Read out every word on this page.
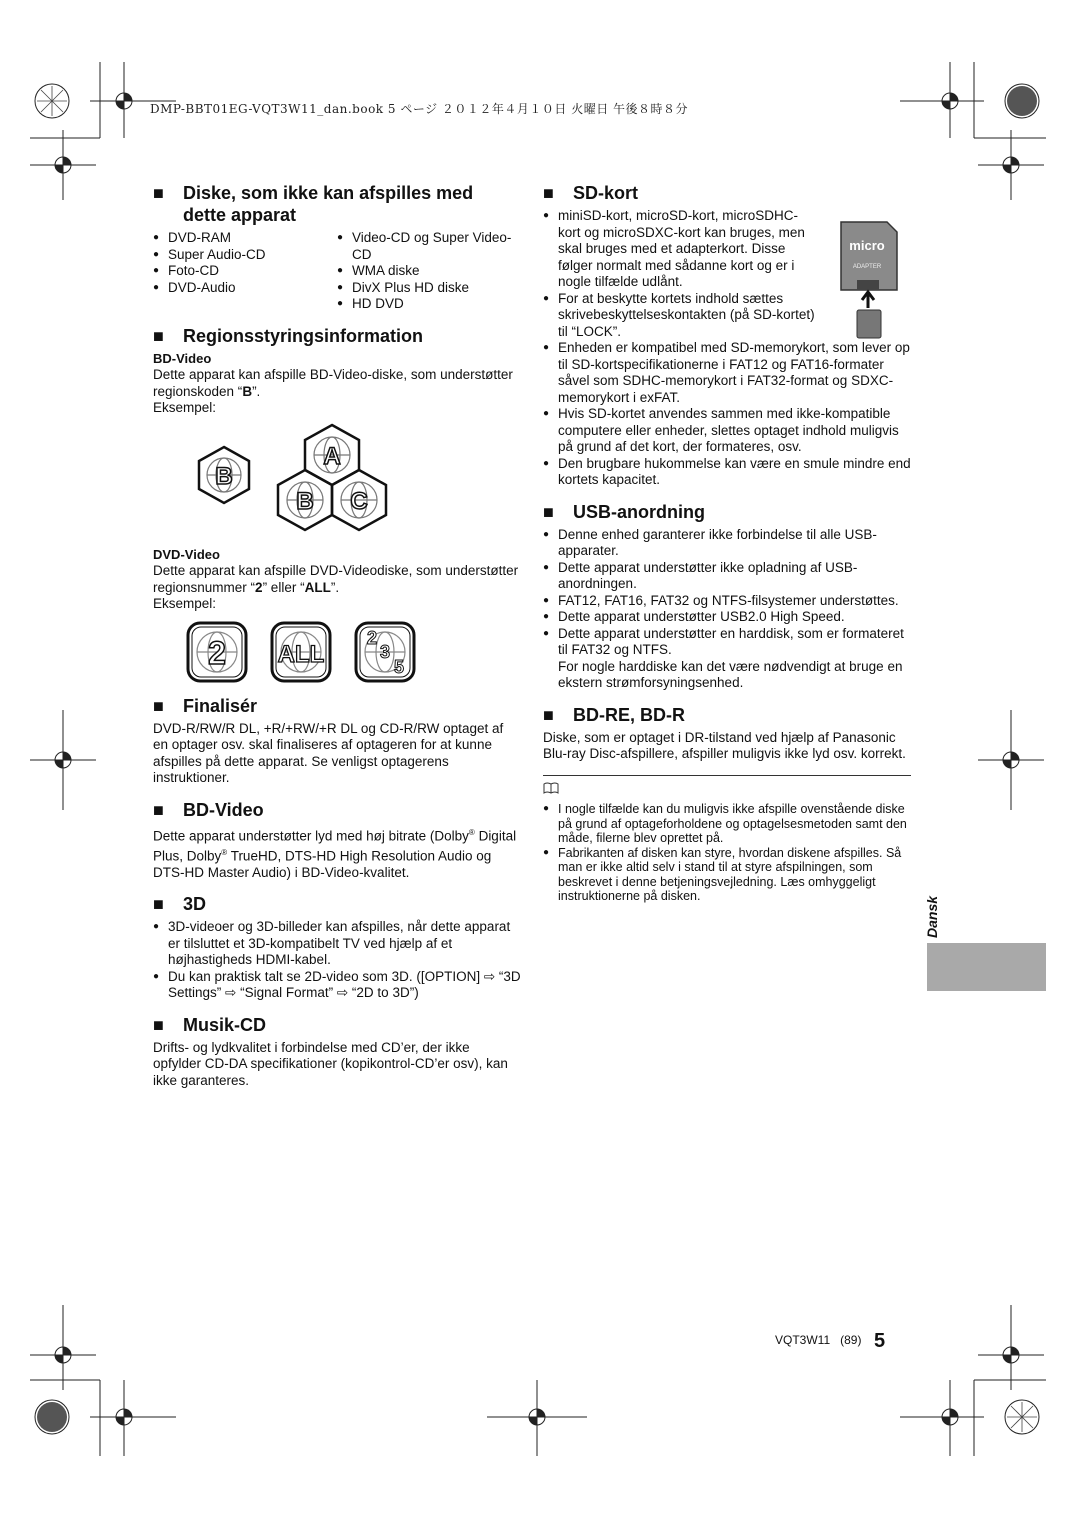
DMP-BBT01EG-VQT3W11_dan.book 5 ページ ２０１２年４月１０日 火曜日 午後８時８分
■	Diske, som ikke kan afspilles med dette apparat
● DVD-RAM
● Super Audio-CD
● Foto-CD
● DVD-Audio
● Video-CD og Super Video-CD
● WMA diske
● DivX Plus HD diske
● HD DVD
■	Regionsstyringsinformation

BD-Video

Dette apparat kan afspille BD-Video-diske, som understøtter regionskoden “B”.

Eksempel:

B
A
B C

DVD-Video

Dette apparat kan afspille DVD-Videodiske, som understøtter regionsnummer “2” eller “ALL”.

Eksempel:

2 ALL
2
3
5
■	Finalisér

DVD-R/RW/R DL, +R/+RW/+R DL og CD-R/RW optaget af en optager osv. skal finaliseres af optageren for at kunne afspilles på dette apparat. Se venligst optagerens instruktioner.

■	BD-Video

Dette apparat understøtter lyd med høj bitrate (Dolby® Digital Plus, Dolby® TrueHD, DTS-HD High Resolution Audio og DTS-HD Master Audio) i BD-Video-kvalitet.

■	3D
● 3D-videoer og 3D-billeder kan afspilles, når dette apparat er tilsluttet et 3D-kompatibelt TV ved hjælp af et højhastigheds HDMI-kabel.
● Du kan praktisk talt se 2D-video som 3D. ([OPTION] ⇨ “3D Settings” ⇨ “Signal Format” ⇨ “2D to 3D”)
■	Musik-CD

Drifts- og lydkvalitet i forbindelse med CD’er, der ikke opfylder CD-DA specifikationer (kopikontrol-CD’er osv), kan ikke garanteres.

■	SD-kort
micro
ADAPTER
● miniSD-kort, microSD-kort, microSDHC-kort og microSDXC-kort kan bruges, men skal bruges med et adapterkort. Disse følger normalt med sådanne kort og er i nogle tilfælde udlånt.
● For at beskytte kortets indhold sættes skrivebeskyttelseskontakten (på SD-kortet) til “LOCK”.
● Enheden er kompatibel med SD-memorykort, som lever op til SD-kortspecifikationerne i FAT12 og FAT16-formater såvel som SDHC-memorykort i FAT32-format og SDXC-memorykort i exFAT.
● Hvis SD-kortet anvendes sammen med ikke-kompatible computere eller enheder, slettes optaget indhold muligvis på grund af det kort, der formateres, osv.
● Den brugbare hukommelse kan være en smule mindre end kortets kapacitet.
■	USB-anordning
● Denne enhed garanterer ikke forbindelse til alle USB-apparater.
● Dette apparat understøtter ikke opladning af USB-anordningen.
● FAT12, FAT16, FAT32 og NTFS-filsystemer understøttes.
● Dette apparat understøtter USB2.0 High Speed.
● Dette apparat understøtter en harddisk, som er formateret til FAT32 og NTFS.

For nogle harddiske kan det være nødvendigt at bruge en ekstern strømforsyningsenhed.

■	BD-RE, BD-R

Diske, som er optaget i DR-tilstand ved hjælp af Panasonic Blu-ray Disc-afspillere, afspiller muligvis ikke lyd osv. korrekt.

● I nogle tilfælde kan du muligvis ikke afspille ovenstående diske på grund af optageforholdene og optagelsesmetoden samt den måde, filerne blev oprettet på.
● Fabrikanten af disken kan styre, hvordan diskene afspilles. Så man er ikke altid selv i stand til at styre afspilningen, som beskrevet i denne betjeningsvejledning. Læs omhyggeligt instruktionerne på disken.	Dansk
VQT3W11 (89) 5
